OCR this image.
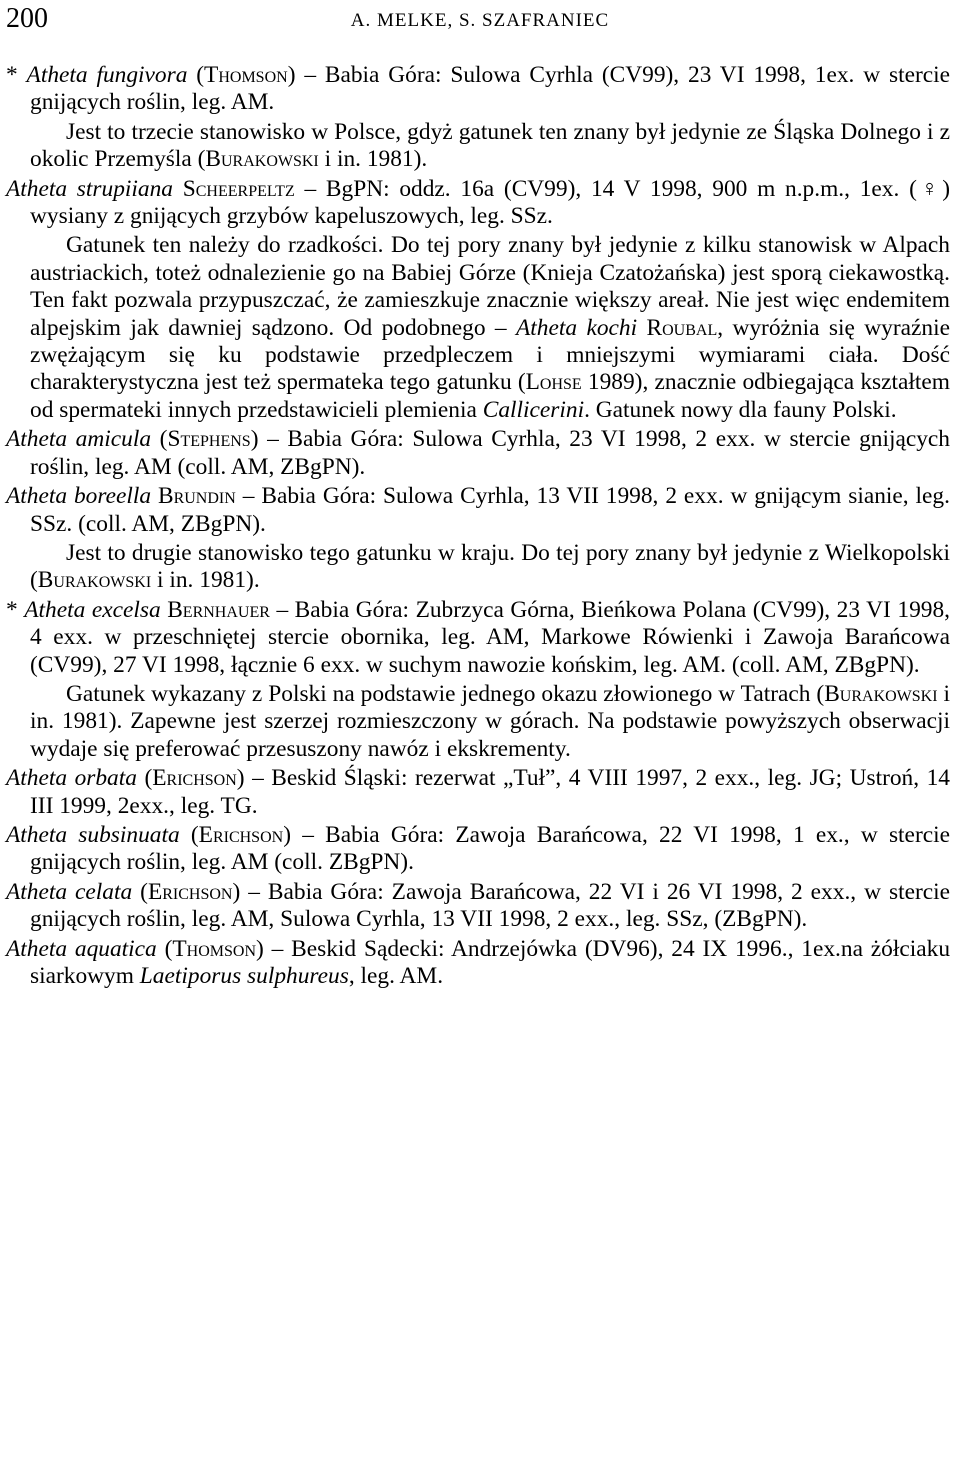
200	A. MELKE, S. SZAFRANIEC

* Atheta fungivora (Thomson) – Babia Góra: Sulowa Cyrhla (CV99), 23 VI 1998, 1ex. w stercie gnijących roślin, leg. AM.

Jest to trzecie stanowisko w Polsce, gdyż gatunek ten znany był jedynie ze Śląska Dolnego i z okolic Przemyśla (Burakowski i in. 1981).

Atheta strupiiana Scheerpeltz – BgPN: oddz. 16a (CV99), 14 V 1998, 900 m n.p.m., 1ex. (♀) wysiany z gnijących grzybów kapeluszowych, leg. SSz.

Gatunek ten należy do rzadkości. Do tej pory znany był jedynie z kilku stanowisk w Alpach austriackich, toteż odnalezienie go na Babiej Górze (Knieja Czatożańska) jest sporą ciekawostką. Ten fakt pozwala przypuszczać, że zamieszkuje znacznie większy areał. Nie jest więc endemitem alpejskim jak dawniej sądzono. Od podobnego – Atheta kochi Roubal, wyróżnia się wyraźnie zwężającym się ku podstawie przedpleczem i mniejszymi wymiarami ciała. Dość charakterystyczna jest też spermateka tego gatunku (Lohse 1989), znacznie odbiegająca kształtem od spermateki innych przedstawicieli plemienia Callicerini. Gatunek nowy dla fauny Polski.

Atheta amicula (Stephens) – Babia Góra: Sulowa Cyrhla, 23 VI 1998, 2 exx. w stercie gnijących roślin, leg. AM (coll. AM, ZBgPN).

Atheta boreella Brundin – Babia Góra: Sulowa Cyrhla, 13 VII 1998, 2 exx. w gnijącym sianie, leg. SSz. (coll. AM, ZBgPN).

Jest to drugie stanowisko tego gatunku w kraju. Do tej pory znany był jedynie z Wielkopolski (Burakowski i in. 1981).

* Atheta excelsa Bernhauer – Babia Góra: Zubrzyca Górna, Bieńkowa Polana (CV99), 23 VI 1998, 4 exx. w przeschniętej stercie obornika, leg. AM, Markowe Rówienki i Zawoja Barańcowa (CV99), 27 VI 1998, łącznie 6 exx. w suchym nawozie końskim, leg. AM. (coll. AM, ZBgPN).

Gatunek wykazany z Polski na podstawie jednego okazu złowionego w Tatrach (Burakowski i in. 1981). Zapewne jest szerzej rozmieszczony w górach. Na podstawie powyższych obserwacji wydaje się preferować przesuszony nawóz i ekskrementy.

Atheta orbata (Erichson) – Beskid Śląski: rezerwat „Tuł”, 4 VIII 1997, 2 exx., leg. JG; Ustroń, 14 III 1999, 2exx., leg. TG.

Atheta subsinuata (Erichson) – Babia Góra: Zawoja Barańcowa, 22 VI 1998, 1 ex., w stercie gnijących roślin, leg. AM (coll. ZBgPN).

Atheta celata (Erichson) – Babia Góra: Zawoja Barańcowa, 22 VI i 26 VI 1998, 2 exx., w stercie gnijących roślin, leg. AM, Sulowa Cyrhla, 13 VII 1998, 2 exx., leg. SSz, (ZBgPN).

Atheta aquatica (Thomson) – Beskid Sądecki: Andrzejówka (DV96), 24 IX 1996., 1ex.na żółciaku siarkowym Laetiporus sulphureus, leg. AM.
